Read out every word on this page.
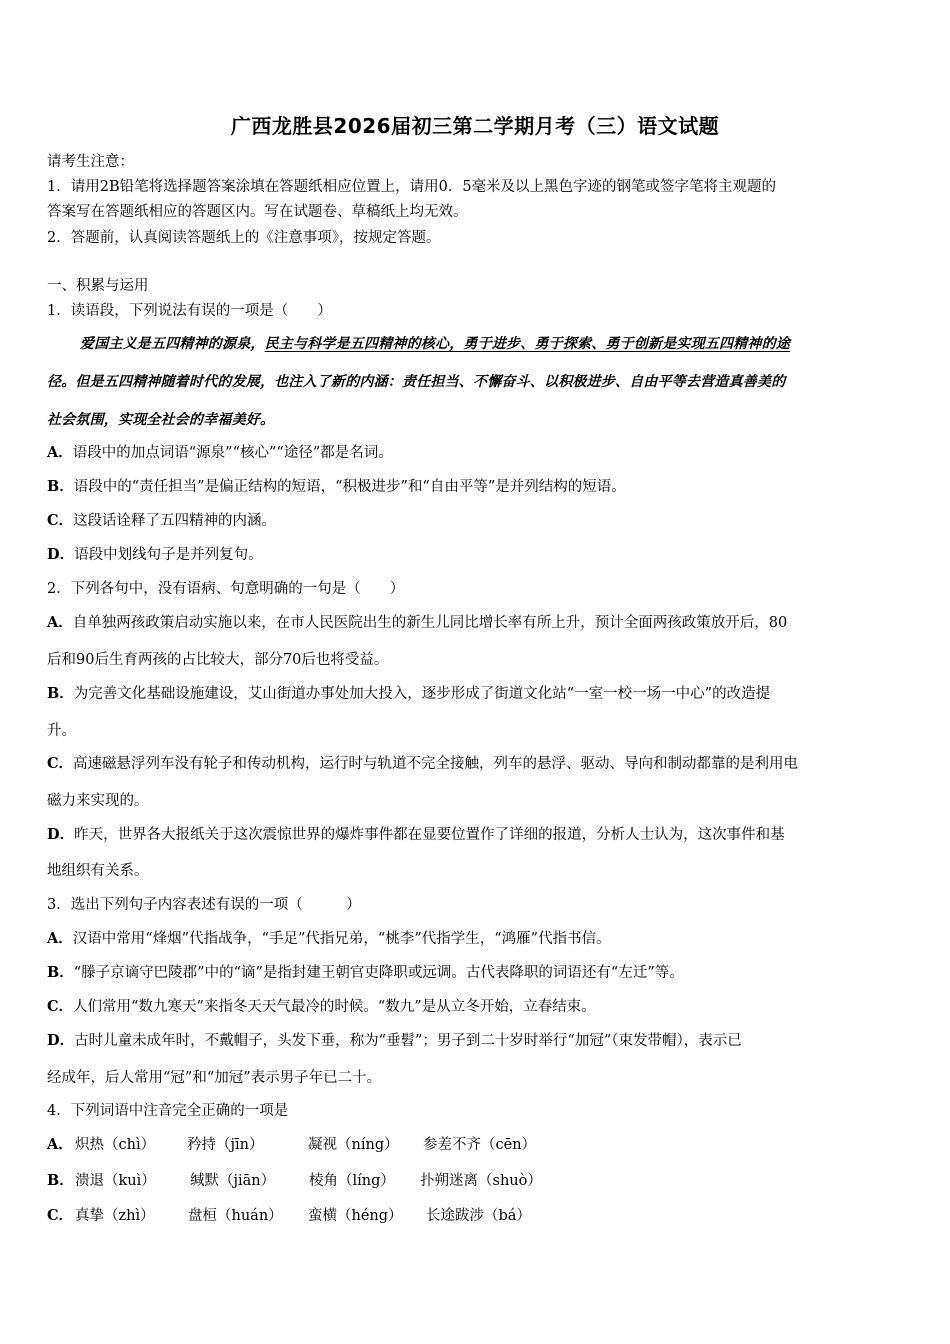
广西龙胜县2026届初三第二学期月考（三）语文试题
请考生注意：
1．请用2B铅笔将选择题答案涂填在答题纸相应位置上，请用0．5毫米及以上黑色字迹的钢笔或签字笔将主观题的
答案写在答题纸相应的答题区内。写在试题卷、草稿纸上均无效。
2．答题前，认真阅读答题纸上的《注意事项》，按规定答题。
一、积累与运用
1．读语段，下列说法有误的一项是（　　）
爱国主义是五四精神的源泉，民主与科学是五四精神的核心，勇于进步、勇于探索、勇于创新是实现五四精神的途
径。但是五四精神随着时代的发展，也注入了新的内涵：责任担当、不懈奋斗、以积极进步、自由平等去营造真善美的
社会氛围，实现全社会的幸福美好。
A．语段中的加点词语“源泉”“核心”“途径”都是名词。
B．语段中的“责任担当”是偏正结构的短语，“积极进步”和“自由平等”是并列结构的短语。
C．这段话诠释了五四精神的内涵。
D．语段中划线句子是并列复句。
2．下列各句中，没有语病、句意明确的一句是（　　）
A．自单独两孩政策启动实施以来，在市人民医院出生的新生儿同比增长率有所上升，预计全面两孩政策放开后，80
后和90后生育两孩的占比较大，部分70后也将受益。
B．为完善文化基础设施建设，艾山街道办事处加大投入，逐步形成了街道文化站“一室一校一场一中心”的改造提
升。
C．高速磁悬浮列车没有轮子和传动机构，运行时与轨道不完全接触，列车的悬浮、驱动、导向和制动都靠的是利用电
磁力来实现的。
D．昨天，世界各大报纸关于这次震惊世界的爆炸事件都在显要位置作了详细的报道，分析人士认为，这次事件和基
地组织有关系。
3．选出下列句子内容表述有误的一项（　　　）
A．汉语中常用“烽烟”代指战争，“手足”代指兄弟，“桃李”代指学生，“鸿雁”代指书信。
B．“滕子京谪守巴陵郡”中的“谪”是指封建王朝官吏降职或远调。古代表降职的词语还有“左迁”等。
C．人们常用“数九寒天”来指冬天天气最冷的时候。“数九”是从立冬开始，立春结束。
D．古时儿童未成年时，不戴帽子，头发下垂，称为“垂髫”；男子到二十岁时举行“加冠”（束发带帽），表示已
经成年，后人常用“冠”和“加冠”表示男子年已二十。
4．下列词语中注音完全正确的一项是
A． 炽热（chì） 矜持（jīn）	凝视（níng） 参差不齐（cēn）
B． 溃退（kuì） 缄默（jiān） 棱角（líng） 扑朔迷离（shuò）
C． 真挚（zhì） 盘桓（huán） 蛮横（héng） 长途跋涉（bá）
